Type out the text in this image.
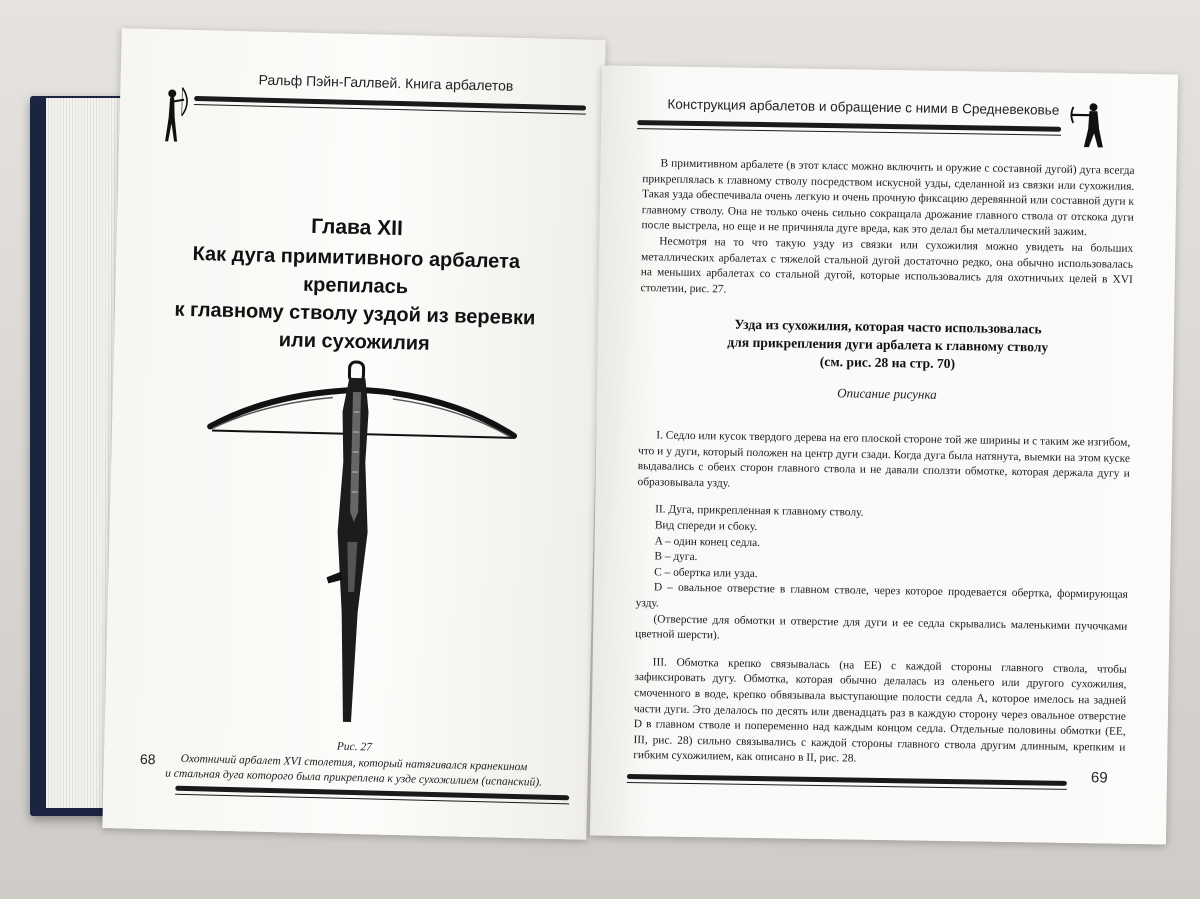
Ральф Пэйн-Галлвей. Книга арбалетов
Глава XII
Как дуга примитивного арбалета крепилась
к главному стволу уздой из веревки
или сухожилия
Рис. 27
Охотничий арбалет XVI столетия, который натягивался кранекином
и стальная дуга которого была прикреплена к узде сухожилием (испанский).
68
Конструкция арбалетов и обращение с ними в Средневековье

В примитивном арбалете (в этот класс можно включить и оружие с составной дугой) дуга всегда прикреплялась к главному стволу посредством искусной узды, сделанной из связки или сухожилия. Такая узда обеспечивала очень легкую и очень прочную фиксацию деревянной или составной дуги к главному стволу. Она не только очень сильно сокращала дрожание главного ствола от отскока дуги после выстрела, но еще и не причиняла дуге вреда, как это делал бы металлический зажим.

Несмотря на то что такую узду из связки или сухожилия можно увидеть на больших металлических арбалетах с тяжелой стальной дугой достаточно редко, она обычно использовалась на меньших арбалетах со стальной дугой, которые использовались для охотничьих целей в XVI столетии, рис. 27.

Узда из сухожилия, которая часто использовалась
для прикрепления дуги арбалета к главному стволу
(см. рис. 28 на стр. 70)
Описание рисунка

I. Седло или кусок твердого дерева на его плоской стороне той же ширины и с таким же изгибом, что и у дуги, который положен на центр дуги сзади. Когда дуга была натянута, выемки на этом куске выдавались с обеих сторон главного ствола и не давали сползти обмотке, которая держала дугу и образовывала узду.

II. Дуга, прикрепленная к главному стволу.

Вид спереди и сбоку.

A – один конец седла.

B – дуга.

C – обертка или узда.

D – овальное отверстие в главном стволе, через которое продевается обертка, формирующая узду.

(Отверстие для обмотки и отверстие для дуги и ее седла скрывались маленькими пучочками цветной шерсти).

III. Обмотка крепко связывалась (на ЕЕ) с каждой стороны главного ствола, чтобы зафиксировать дугу. Обмотка, которая обычно делалась из оленьего или другого сухожилия, смоченного в воде, крепко обвязывала выступающие полости седла А, которое имелось на задней части дуги. Это делалось по десять или двенадцать раз в каждую сторону через овальное отверстие D в главном стволе и попеременно над каждым концом седла. Отдельные половины обмотки (ЕЕ, III, рис. 28) сильно связывались с каждой стороны главного ствола другим длинным, крепким и гибким сухожилием, как описано в II, рис. 28.

69
